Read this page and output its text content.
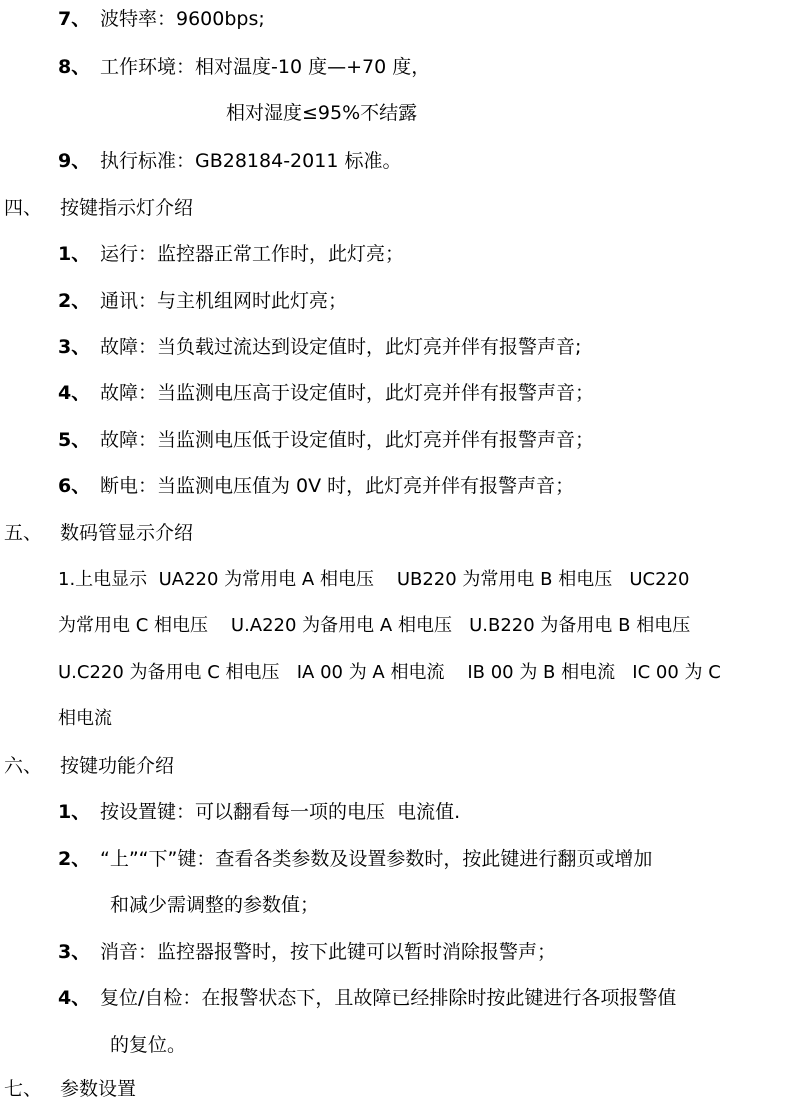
7、 波特率：9600bps;
8、 工作环境：相对温度-10 度—+70 度，
相对湿度≤95%不结露
9、 执行标准：GB28184-2011 标准。
四、 按键指示灯介绍
1、 运行：监控器正常工作时，此灯亮；
2、 通讯：与主机组网时此灯亮；
3、 故障：当负载过流达到设定值时，此灯亮并伴有报警声音;
4、 故障：当监测电压高于设定值时，此灯亮并伴有报警声音；
5、 故障：当监测电压低于设定值时，此灯亮并伴有报警声音；
6、 断电：当监测电压值为 0V 时，此灯亮并伴有报警声音；
五、 数码管显示介绍
1.上电显示  UA220 为常用电 A 相电压    UB220 为常用电 B 相电压   UC220
为常用电 C 相电压    U.A220 为备用电 A 相电压   U.B220 为备用电 B 相电压
U.C220 为备用电 C 相电压   IA 00 为 A 相电流    IB 00 为 B 相电流   IC 00 为 C
相电流
六、 按键功能介绍
1、 按设置键：可以翻看每一项的电压  电流值.
2、 “上”“下”键：查看各类参数及设置参数时，按此键进行翻页或增加
和减少需调整的参数值；
3、 消音：监控器报警时，按下此键可以暂时消除报警声；
4、 复位/自检：在报警状态下，且故障已经排除时按此键进行各项报警值
的复位。
七、 参数设置
